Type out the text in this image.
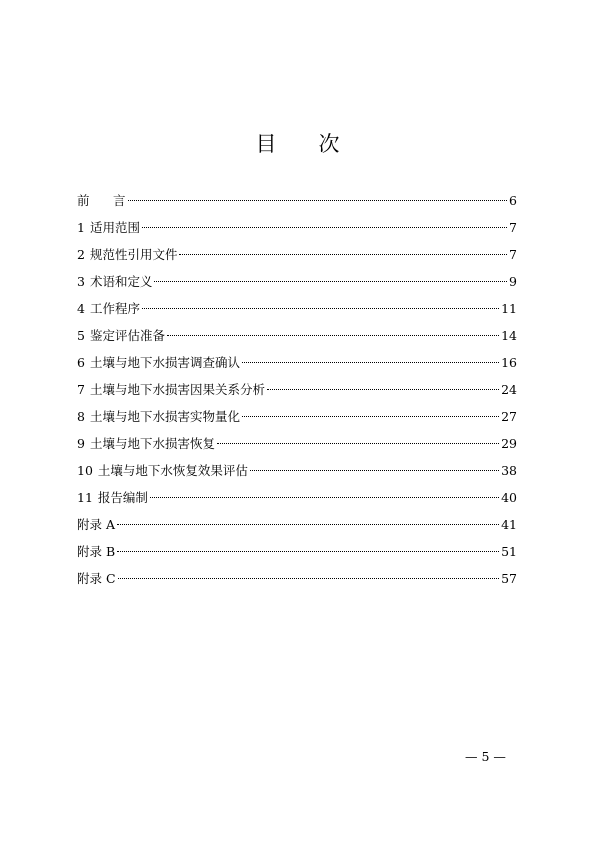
目 次
前 言	6
1 适用范围	7
2 规范性引用文件	7
3 术语和定义	9
4 工作程序	11
5 鉴定评估准备	14
6 土壤与地下水损害调查确认	16
7 土壤与地下水损害因果关系分析	24
8 土壤与地下水损害实物量化	27
9 土壤与地下水损害恢复	29
10 土壤与地下水恢复效果评估	38
11 报告编制	40
附录 A	41
附录 B	51
附录 C	57
— 5 —
